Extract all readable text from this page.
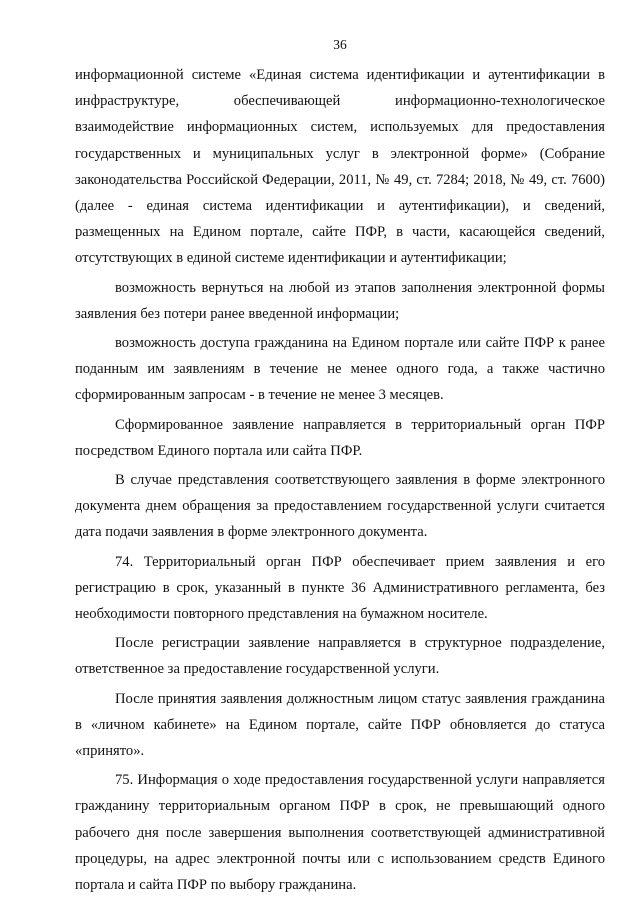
36

информационной системе «Единая система идентификации и аутентификации в инфраструктуре, обеспечивающей информационно-технологическое взаимодействие информационных систем, используемых для предоставления государственных и муниципальных услуг в электронной форме» (Собрание законодательства Российской Федерации, 2011, № 49, ст. 7284; 2018, № 49, ст. 7600) (далее - единая система идентификации и аутентификации), и сведений, размещенных на Едином портале, сайте ПФР, в части, касающейся сведений, отсутствующих в единой системе идентификации и аутентификации;

возможность вернуться на любой из этапов заполнения электронной формы заявления без потери ранее введенной информации;

возможность доступа гражданина на Едином портале или сайте ПФР к ранее поданным им заявлениям в течение не менее одного года, а также частично сформированным запросам - в течение не менее 3 месяцев.

Сформированное заявление направляется в территориальный орган ПФР посредством Единого портала или сайта ПФР.

В случае представления соответствующего заявления в форме электронного документа днем обращения за предоставлением государственной услуги считается дата подачи заявления в форме электронного документа.

74. Территориальный орган ПФР обеспечивает прием заявления и его регистрацию в срок, указанный в пункте 36 Административного регламента, без необходимости повторного представления на бумажном носителе.

После регистрации заявление направляется в структурное подразделение, ответственное за предоставление государственной услуги.

После принятия заявления должностным лицом статус заявления гражданина в «личном кабинете» на Едином портале, сайте ПФР обновляется до статуса «принято».

75. Информация о ходе предоставления государственной услуги направляется гражданину территориальным органом ПФР в срок, не превышающий одного рабочего дня после завершения выполнения соответствующей административной процедуры, на адрес электронной почты или с использованием средств Единого портала и сайта ПФР по выбору гражданина.
